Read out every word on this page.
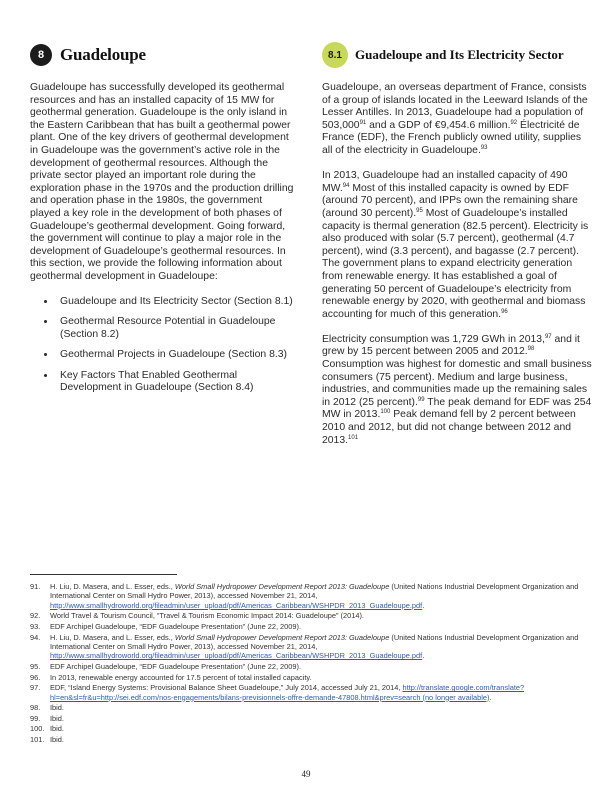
8 Guadeloupe

Guadeloupe has successfully developed its geothermal resources and has an installed capacity of 15 MW for geothermal generation. Guadeloupe is the only island in the Eastern Caribbean that has built a geothermal power plant. One of the key drivers of geothermal development in Guadeloupe was the government’s active role in the development of geothermal resources. Although the private sector played an important role during the exploration phase in the 1970s and the production drilling and operation phase in the 1980s, the government played a key role in the development of both phases of Guadeloupe’s geothermal development. Going forward, the government will continue to play a major role in the development of Guadeloupe’s geothermal resources. In this section, we provide the following information about geothermal development in Guadeloupe:

• Guadeloupe and Its Electricity Sector (Section 8.1)
• Geothermal Resource Potential in Guadeloupe (Section 8.2)
• Geothermal Projects in Guadeloupe (Section 8.3)
• Key Factors That Enabled Geothermal Development in Guadeloupe (Section 8.4)
8.1	Guadeloupe and Its Electricity Sector

Guadeloupe, an overseas department of France, consists of a group of islands located in the Leeward Islands of the Lesser Antilles. In 2013, Guadeloupe had a population of 503,000$^{91}$ and a GDP of €9,454.6 million.$^{92}$ Électricité de France (EDF), the French publicly owned utility, supplies all of the electricity in Guadeloupe.$^{93}$

In 2013, Guadeloupe had an installed capacity of 490 MW.$^{94}$ Most of this installed capacity is owned by EDF (around 70 percent), and IPPs own the remaining share (around 30 percent).$^{95}$ Most of Guadeloupe’s installed capacity is thermal generation (82.5 percent). Electricity is also produced with solar (5.7 percent), geothermal (4.7 percent), wind (3.3 percent), and bagasse (2.7 percent). The government plans to expand electricity generation from renewable energy. It has established a goal of generating 50 percent of Guadeloupe’s electricity from renewable energy by 2020, with geothermal and biomass accounting for much of this generation.$^{96}$

Electricity consumption was 1,729 GWh in 2013,97 and it grew by 15 percent between 2005 and 2012.98 Consumption was highest for domestic and small business consumers (75 percent). Medium and large business, industries, and communities made up the remaining sales in 2012 (25 percent).$^{99}$ The peak demand for EDF was 254 MW in 2013.$^{100}$ Peak demand fell by 2 percent between 2010 and 2012, but did not change between 2012 and 2013.$^{101}$

91.	H. Liu, D. Masera, and L. Esser, eds., World Small Hydropower Development Report 2013: Guadeloupe (United Nations Industrial Development Organization and International Center on Small Hydro Power, 2013), accessed November 21, 2014, http://www.smallhydroworld.org/fileadmin/user_upload/pdf/Americas_Caribbean/WSHPDR_2013_Guadeloupe.pdf.
92.	World Travel & Tourism Council, “Travel & Tourism Economic Impact 2014: Guadeloupe” (2014).
93.	EDF Archipel Guadeloupe, “EDF Guadeloupe Presentation” (June 22, 2009).
94.	H. Liu, D. Masera, and L. Esser, eds., World Small Hydropower Development Report 2013: Guadeloupe (United Nations Industrial Development Organization and International Center on Small Hydro Power, 2013), accessed November 21, 2014, http://www.smallhydroworld.org/fileadmin/user_upload/pdf/Americas_Caribbean/WSHPDR_2013_Guadeloupe.pdf.
95.	EDF Archipel Guadeloupe, “EDF Guadeloupe Presentation” (June 22, 2009).
96.	In 2013, renewable energy accounted for 17.5 percent of total installed capacity.
97.	EDF, “Island Energy Systems: Provisional Balance Sheet Guadeloupe,” July 2014, accessed July 21, 2014, http://translate.google.com/translate?hl=en&sl=fr&u=http://sei.edf.com/nos-engagements/bilans-previsionnels-offre-demande-47808.html&prev=search (no longer available).
98.	Ibid.
99.	Ibid.
100. Ibid.
101. Ibid.
49
